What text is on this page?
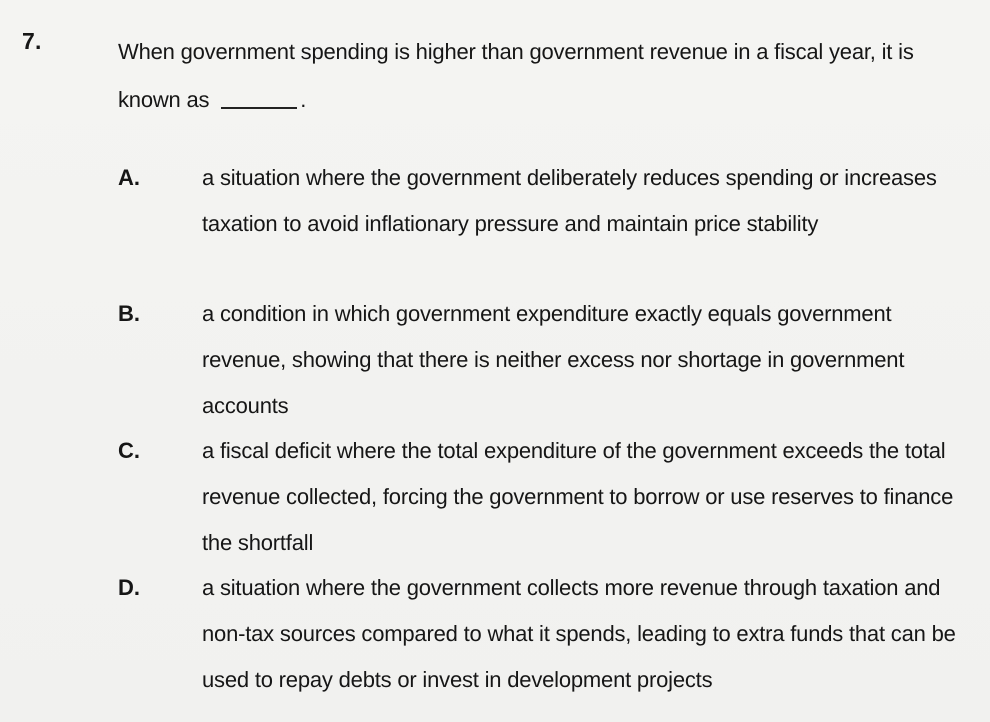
7.	When government spending is higher than government revenue in a fiscal year, it is known as	.
A.	a situation where the government deliberately reduces spending or increases taxation to avoid inflationary pressure and maintain price stability
B.	a condition in which government expenditure exactly equals government revenue, showing that there is neither excess nor shortage in government accounts
C.	a fiscal deficit where the total expenditure of the government exceeds the total revenue collected, forcing the government to borrow or use reserves to finance the shortfall
D.	a situation where the government collects more revenue through taxation and non-tax sources compared to what it spends, leading to extra funds that can be used to repay debts or invest in development projects
